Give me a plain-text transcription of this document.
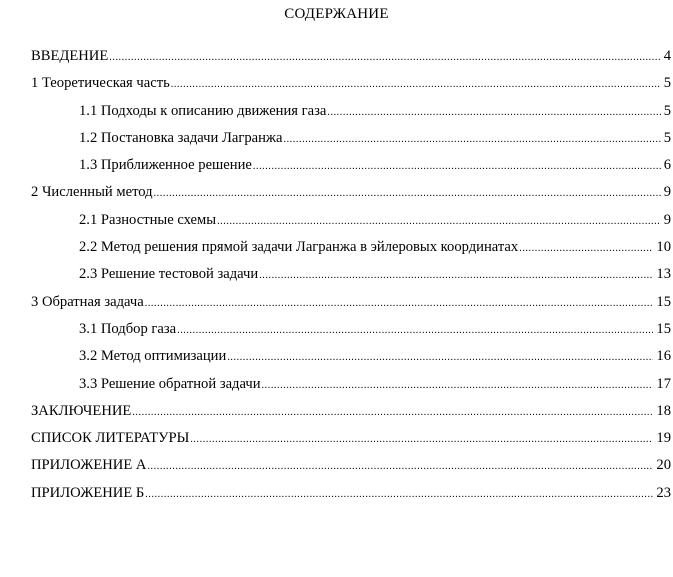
СОДЕРЖАНИЕ
ВВЕДЕНИЕ .....	4
1 Теоретическая часть .....	5
1.1 Подходы к описанию движения газа .....	5
1.2 Постановка задачи Лагранжа .....	5
1.3 Приближенное решение .....	6
2 Численный метод .....	9
2.1 Разностные схемы .....	9
2.2 Метод решения прямой задачи Лагранжа в эйлеровых координатах .....	10
2.3 Решение тестовой задачи .....	13
3 Обратная задача .....	15
3.1 Подбор газа .....	15
3.2 Метод оптимизации .....	16
3.3 Решение обратной задачи .....	17
ЗАКЛЮЧЕНИЕ .....	18
СПИСОК ЛИТЕРАТУРЫ .....	19
ПРИЛОЖЕНИЕ А .....	20
ПРИЛОЖЕНИЕ Б .....	23
